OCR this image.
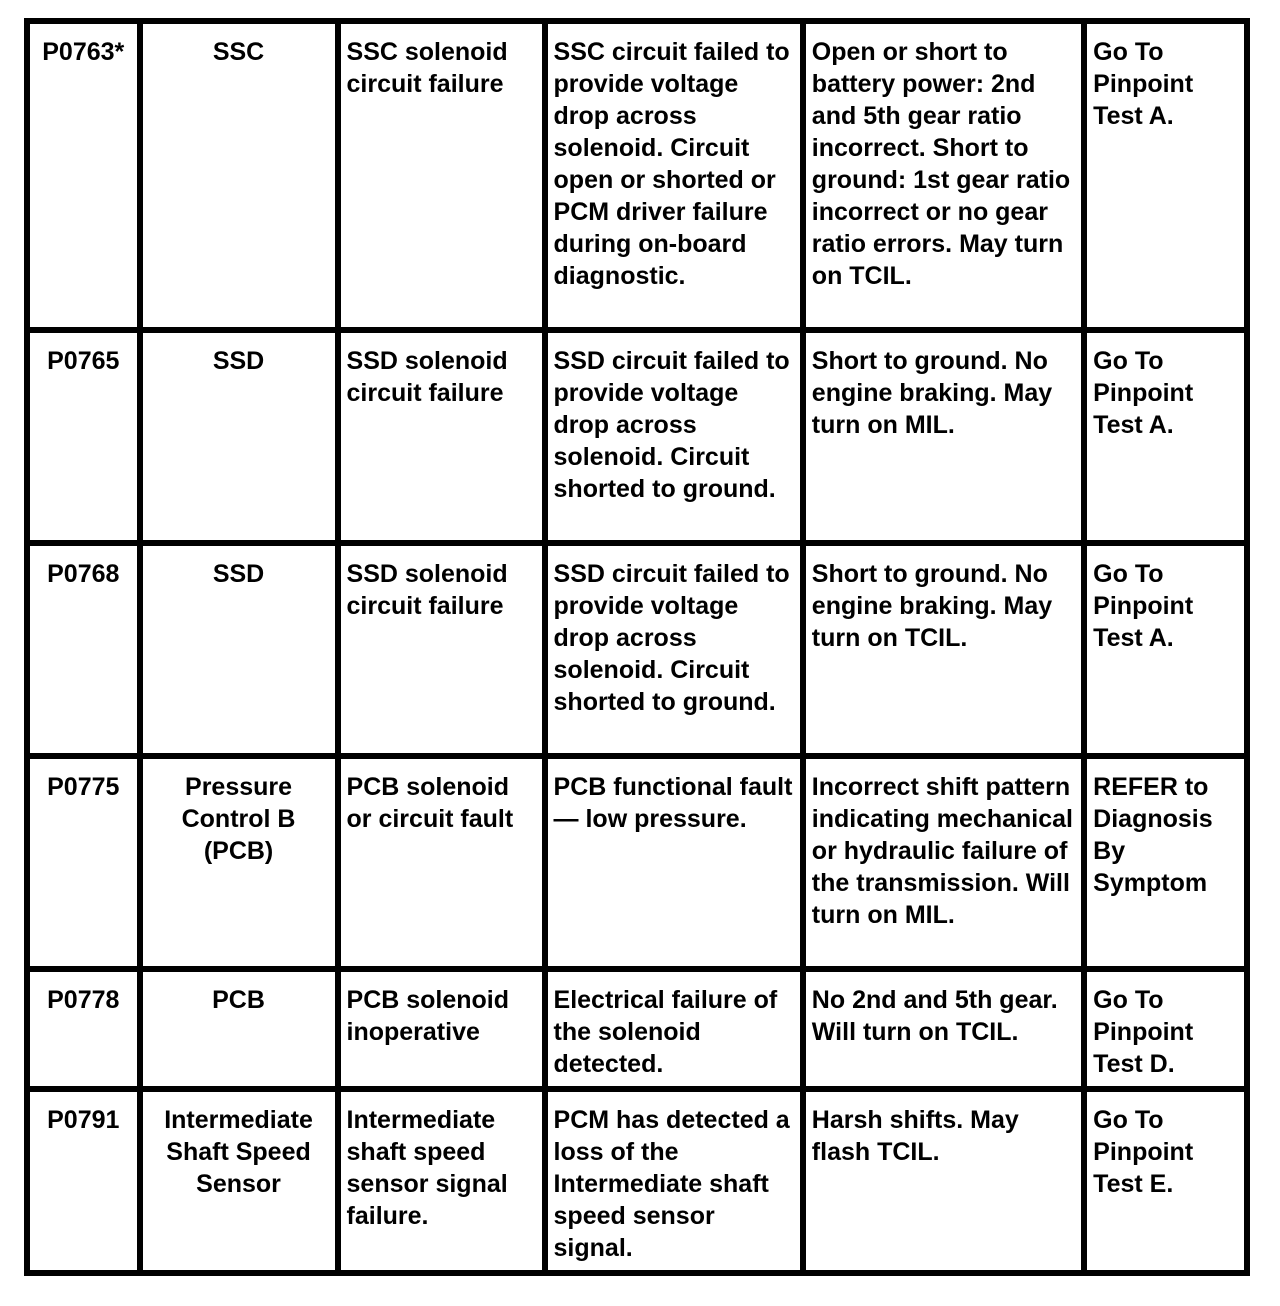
P0763*	SSC	SSC solenoid circuit failure	SSC circuit failed to provide voltage drop across solenoid. Circuit open or shorted or PCM driver failure during on-board diagnostic.	Open or short to battery power: 2nd and 5th gear ratio incorrect. Short to ground: 1st gear ratio incorrect or no gear ratio errors. May turn on TCIL.	Go To Pinpoint Test A.
P0765	SSD	SSD solenoid circuit failure	SSD circuit failed to provide voltage drop across solenoid. Circuit shorted to ground.	Short to ground. No engine braking. May turn on MIL.	Go To Pinpoint Test A.
P0768	SSD	SSD solenoid circuit failure	SSD circuit failed to provide voltage drop across solenoid. Circuit shorted to ground.	Short to ground. No engine braking. May turn on TCIL.	Go To Pinpoint Test A.
P0775	Pressure Control B (PCB)	PCB solenoid or circuit fault	PCB functional fault — low pressure.	Incorrect shift pattern indicating mechanical or hydraulic failure of the transmission. Will turn on MIL.	REFER to Diagnosis By Symptom
P0778	PCB	PCB solenoid inoperative	Electrical failure of the solenoid detected.	No 2nd and 5th gear. Will turn on TCIL.	Go To Pinpoint Test D.
P0791	Intermediate Shaft Speed Sensor	Intermediate shaft speed sensor signal failure.	PCM has detected a loss of the Intermediate shaft speed sensor signal.	Harsh shifts. May flash TCIL.	Go To Pinpoint Test E.
